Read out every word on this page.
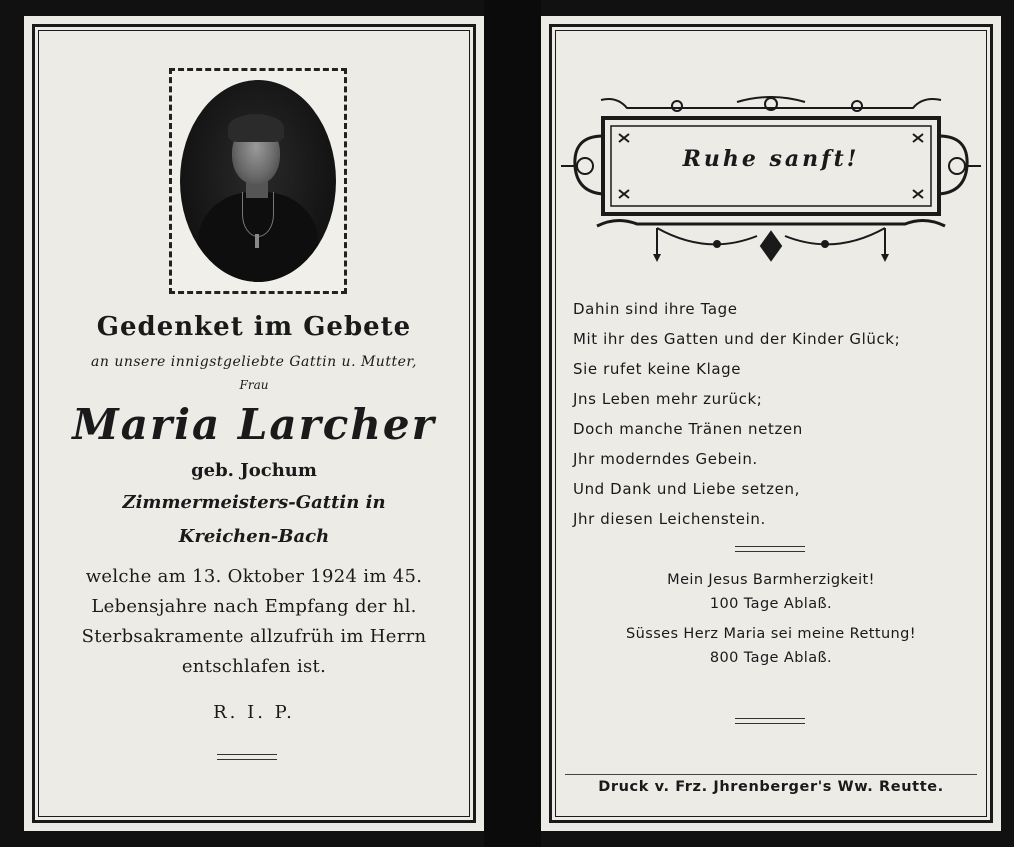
Gedenket im Gebete
an unsere innigstgeliebte Gattin u. Mutter,
Frau
Maria Larcher
geb. Jochum
Zimmermeisters-Gattin in
Kreichen-Bach
welche am 13. Oktober 1924 im 45.
Lebensjahre nach Empfang der hl.
Sterbsakramente allzufrüh im Herrn
entschlafen ist.
R. I. P.
Ruhe sanft!
Dahin sind ihre Tage
Mit ihr des Gatten und der Kinder Glück;
Sie rufet keine Klage
Jns Leben mehr zurück;
Doch manche Tränen netzen
Jhr moderndes Gebein.
Und Dank und Liebe setzen,
Jhr diesen Leichenstein.
Mein Jesus Barmherzigkeit!
100 Tage Ablaß.
Süsses Herz Maria sei meine Rettung!
800 Tage Ablaß.
Druck v. Frz. Jhrenberger's Ww. Reutte.
